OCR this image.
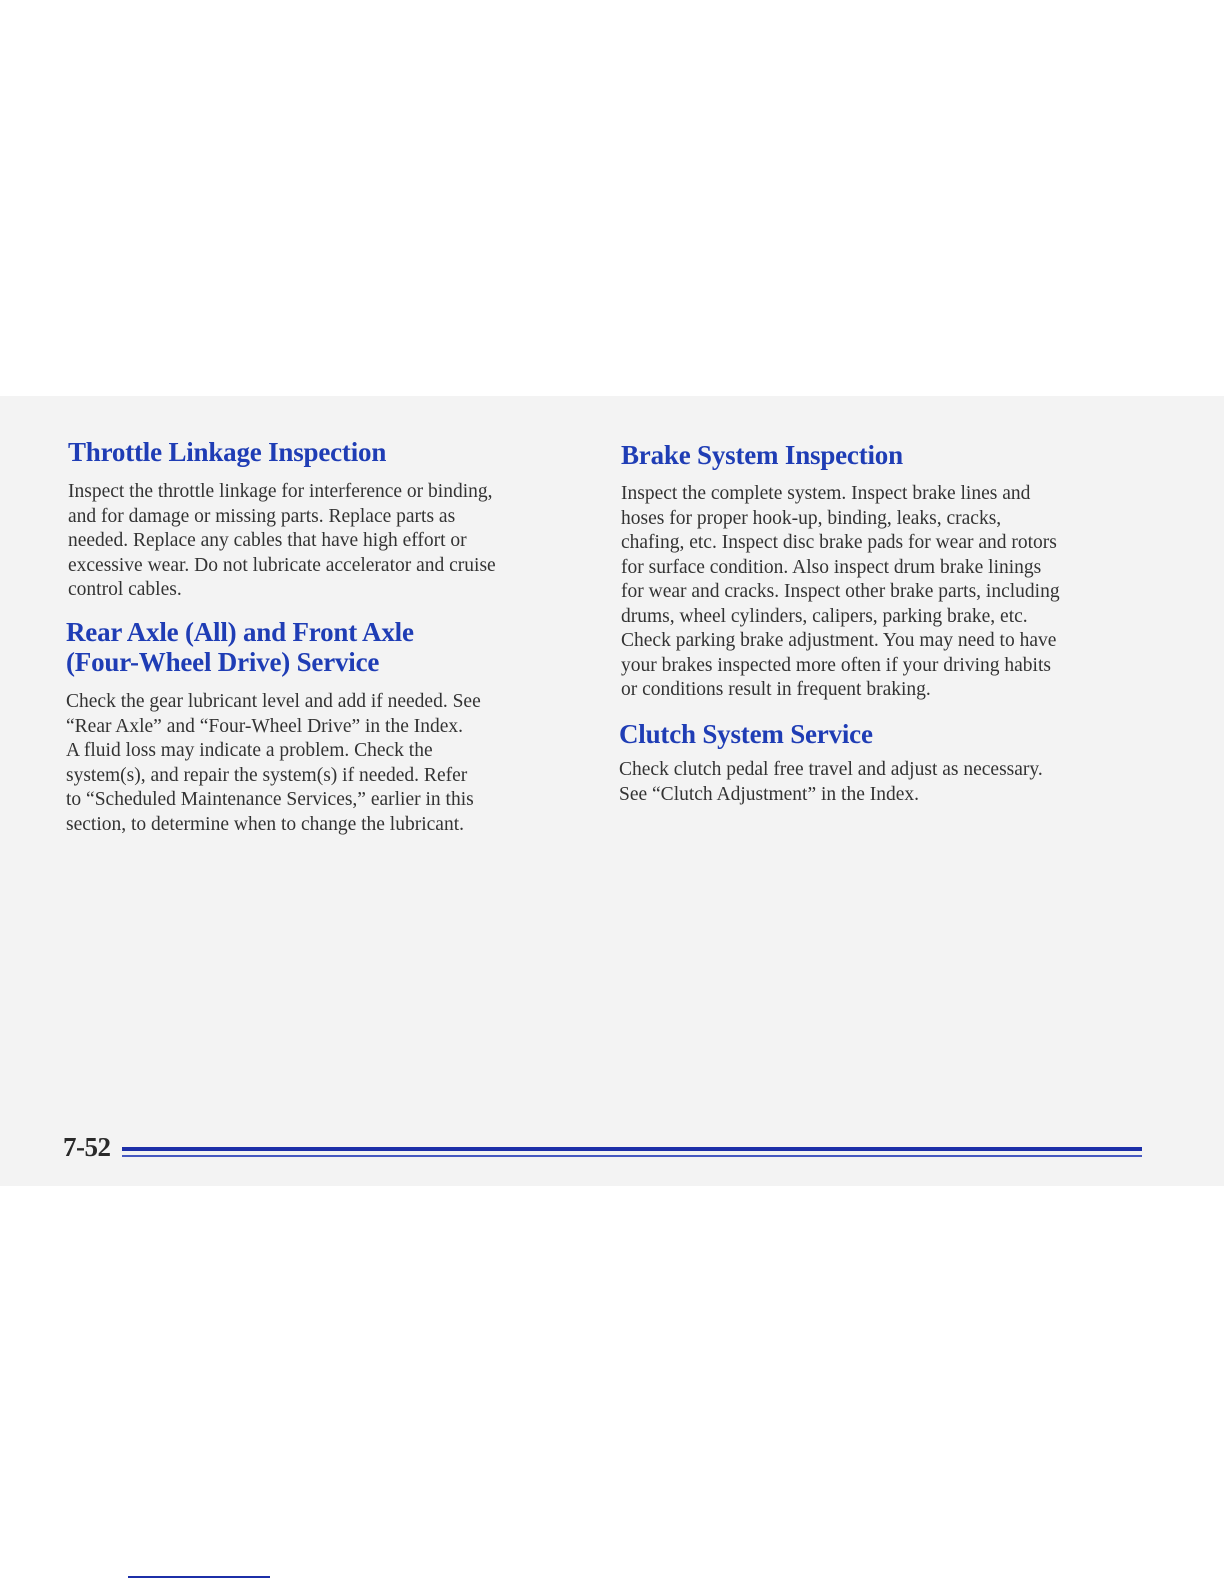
Throttle Linkage Inspection

Inspect the throttle linkage for interference or binding,
and for damage or missing parts. Replace parts as
needed. Replace any cables that have high effort or
excessive wear. Do not lubricate accelerator and cruise
control cables.

Rear Axle (All) and Front Axle
(Four-Wheel Drive) Service

Check the gear lubricant level and add if needed. See
“Rear Axle” and “Four-Wheel Drive” in the Index.
A fluid loss may indicate a problem. Check the
system(s), and repair the system(s) if needed. Refer
to “Scheduled Maintenance Services,” earlier in this
section, to determine when to change the lubricant.

Brake System Inspection

Inspect the complete system. Inspect brake lines and
hoses for proper hook-up, binding, leaks, cracks,
chafing, etc. Inspect disc brake pads for wear and rotors
for surface condition. Also inspect drum brake linings
for wear and cracks. Inspect other brake parts, including
drums, wheel cylinders, calipers, parking brake, etc.
Check parking brake adjustment. You may need to have
your brakes inspected more often if your driving habits
or conditions result in frequent braking.

Clutch System Service

Check clutch pedal free travel and adjust as necessary.
See “Clutch Adjustment” in the Index.

7-52
